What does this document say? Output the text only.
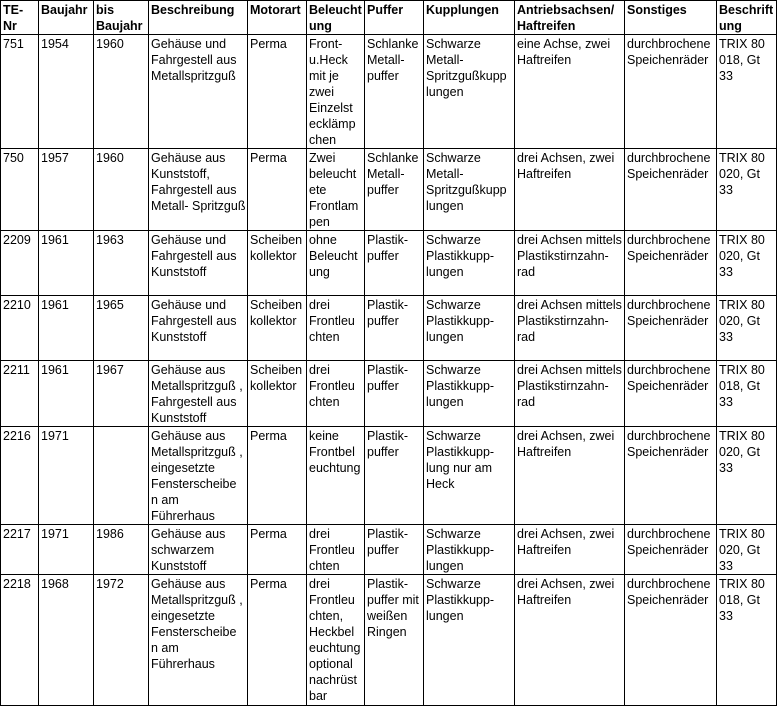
TE-Nr	Baujahr	bis Baujahr	Beschreibung	Motorart	Beleuchtung	Puffer	Kupplungen	Antriebsachsen/ Haftreifen	Sonstiges	Beschriftung
751	1954	1960	Gehäuse und Fahrgestell aus Metallspritzguß	Perma	Front- u.Heck mit je zwei Einzelst ecklämp chen	Schlanke Metall- puffer	Schwarze Metall- Spritzgußkupp lungen	eine Achse, zwei Haftreifen	durchbrochene Speichenräder	TRIX 80 018, Gt 33
750	1957	1960	Gehäuse aus Kunststoff, Fahrgestell aus Metall- Spritzguß	Perma	Zwei beleucht ete Frontlam pen	Schlanke Metall- puffer	Schwarze Metall- Spritzgußkupp lungen	drei Achsen, zwei Haftreifen	durchbrochene Speichenräder	TRIX 80 020, Gt 33
2209	1961	1963	Gehäuse und Fahrgestell aus Kunststoff	Scheiben kollektor	ohne Beleucht ung	Plastik- puffer	Schwarze Plastikkupp- lungen	drei Achsen mittels Plastikstirnzahn- rad	durchbrochene Speichenräder	TRIX 80 020, Gt 33
2210	1961	1965	Gehäuse und Fahrgestell aus Kunststoff	Scheiben kollektor	drei Frontleu chten	Plastik- puffer	Schwarze Plastikkupp- lungen	drei Achsen mittels Plastikstirnzahn- rad	durchbrochene Speichenräder	TRIX 80 020, Gt 33
2211	1961	1967	Gehäuse aus Metallspritzguß , Fahrgestell aus Kunststoff	Scheiben kollektor	drei Frontleu chten	Plastik- puffer	Schwarze Plastikkupp- lungen	drei Achsen mittels Plastikstirnzahn- rad	durchbrochene Speichenräder	TRIX 80 018, Gt 33
2216	1971		Gehäuse aus Metallspritzguß , eingesetzte Fensterscheibe n am Führerhaus	Perma	keine Frontbel euchtung	Plastik- puffer	Schwarze Plastikkupp- lung nur am Heck	drei Achsen, zwei Haftreifen	durchbrochene Speichenräder	TRIX 80 020, Gt 33
2217	1971	1986	Gehäuse aus schwarzem Kunststoff	Perma	drei Frontleu chten	Plastik- puffer	Schwarze Plastikkupp- lungen	drei Achsen, zwei Haftreifen	durchbrochene Speichenräder	TRIX 80 020, Gt 33
2218	1968	1972	Gehäuse aus Metallspritzguß , eingesetzte Fensterscheibe n am Führerhaus	Perma	drei Frontleu chten, Heckbel euchtung optional nachrüst bar	Plastik- puffer mit weißen Ringen	Schwarze Plastikkupp- lungen	drei Achsen, zwei Haftreifen	durchbrochene Speichenräder	TRIX 80 018, Gt 33
